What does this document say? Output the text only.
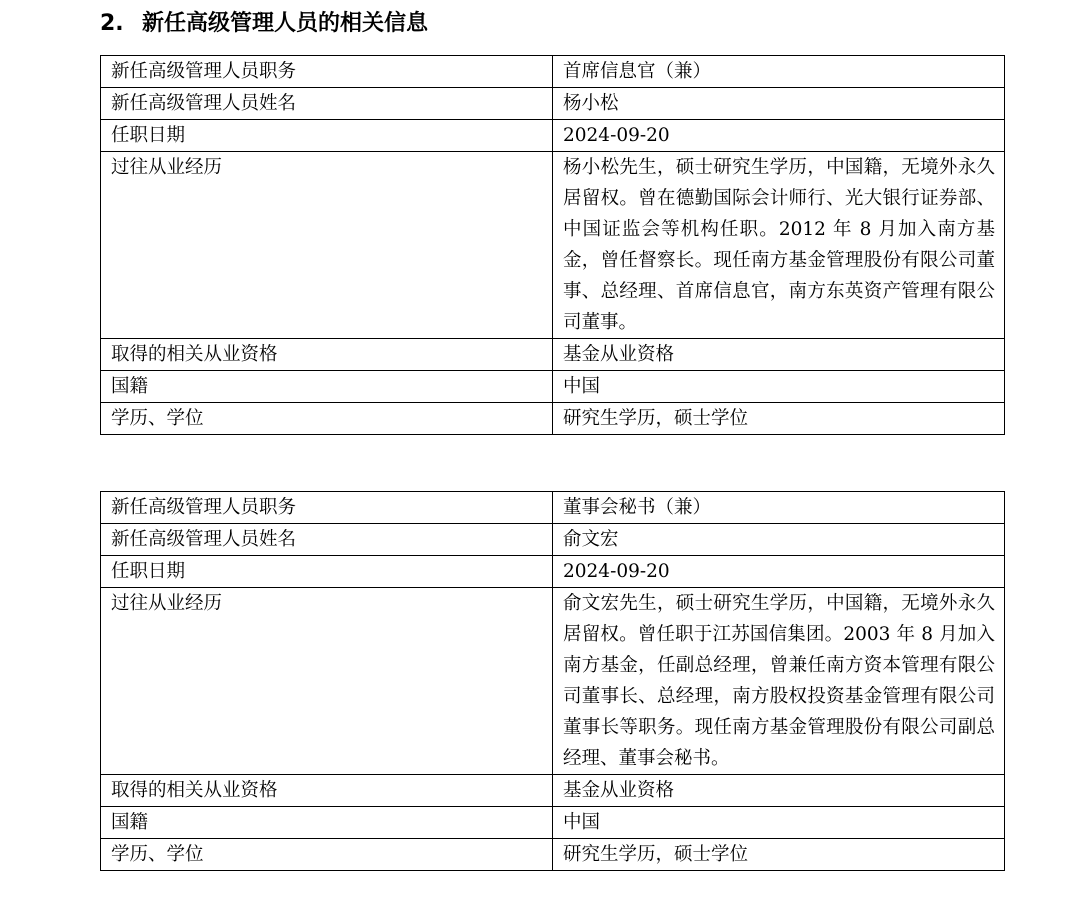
2. 新任高级管理人员的相关信息
新任高级管理人员职务	首席信息官（兼）
新任高级管理人员姓名	杨小松
任职日期	2024-09-20
过往从业经历	杨小松先生，硕士研究生学历，中国籍，无境外永久居留权。曾在德勤国际会计师行、光大银行证券部、中国证监会等机构任职。2012 年 8 月加入南方基金，曾任督察长。现任南方基金管理股份有限公司董事、总经理、首席信息官，南方东英资产管理有限公司董事。
取得的相关从业资格	基金从业资格
国籍	中国
学历、学位	研究生学历，硕士学位
新任高级管理人员职务	董事会秘书（兼）
新任高级管理人员姓名	俞文宏
任职日期	2024-09-20
过往从业经历	俞文宏先生，硕士研究生学历，中国籍，无境外永久居留权。曾任职于江苏国信集团。2003 年 8 月加入南方基金，任副总经理，曾兼任南方资本管理有限公司董事长、总经理，南方股权投资基金管理有限公司董事长等职务。现任南方基金管理股份有限公司副总经理、董事会秘书。
取得的相关从业资格	基金从业资格
国籍	中国
学历、学位	研究生学历，硕士学位
